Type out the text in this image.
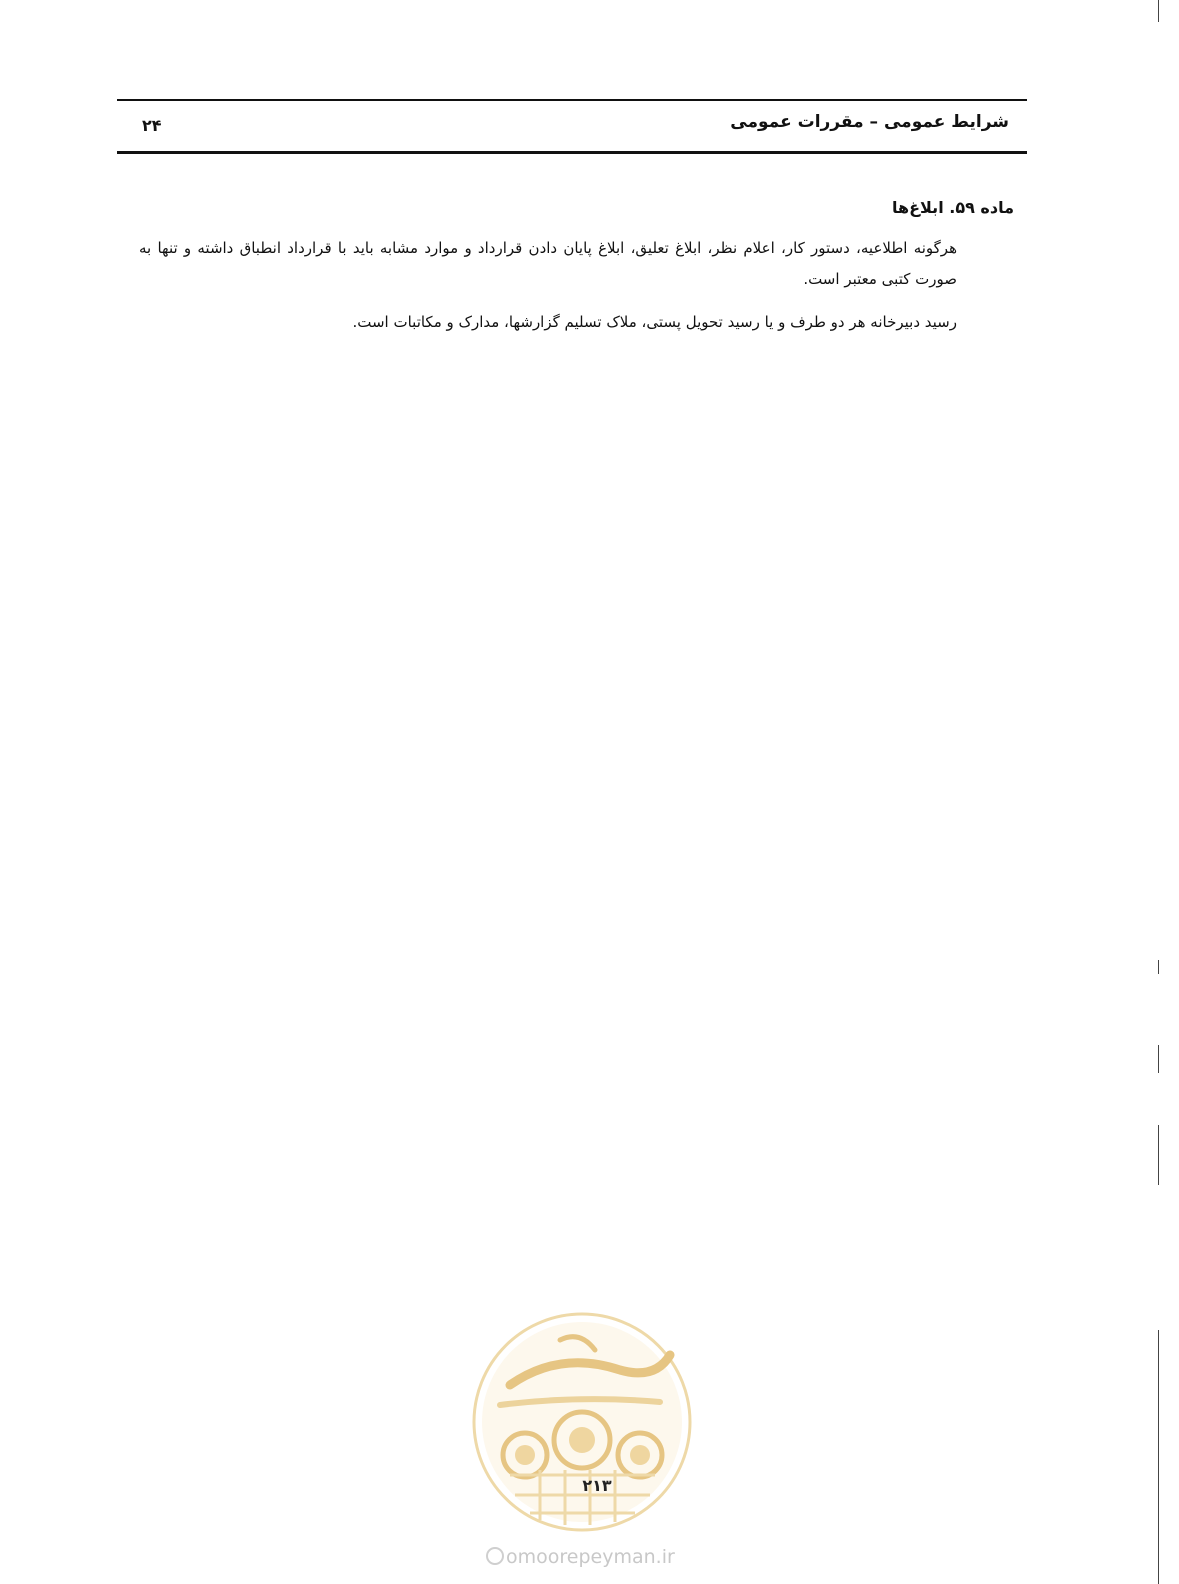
شرایط عمومی – مقررات عمومی
۲۴
ماده ۵۹. ابلاغ‌ها
هرگونه اطلاعیه، دستور کار، اعلام نظر، ابلاغ تعلیق، ابلاغ پایان دادن قرارداد و موارد مشابه باید با قرارداد انطباق داشته و تنها به صورت کتبی معتبر است.
رسید دبیرخانه هر دو طرف و یا رسید تحویل پستی، ملاک تسلیم گزارشها، مدارک و مکاتبات است.
۲۱۳
omoorepeyman.ir
